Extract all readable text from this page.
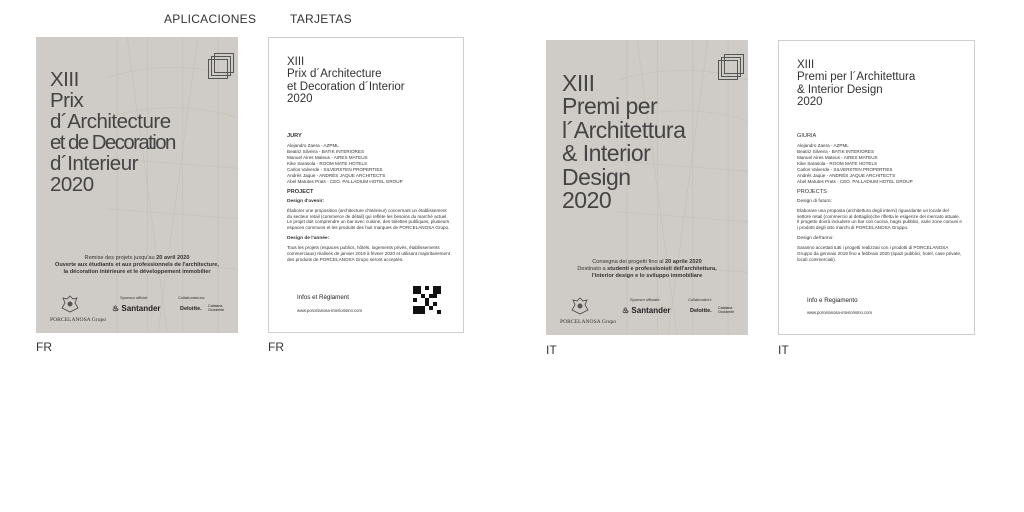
APLICACIONES	TARJETAS
XIII
Prix
d´Architecture
et de Decoration
d´Interieur
2020
Remise des projets jusqu'au 20 avril 2020
Ouverte aux étudiants et aux professionnels de l'architecture,
la décoration intérieure et le développement immobilier
PORCELANOSA Grupo
Sponsor officiel:
♨ Santander
Collaborateurs:
Deloitte. Catalana Occidente
FR
XIII
Prix d´Architecture
et Decoration d´Interior
2020
JURY
Alejandro Zaera - AZPML
Beatriz Silveira - BATIK INTERIORES
Manuel Aires Mateus - AIRES MATEUS
Kike Sarasola - ROOM MATE HOTELS
Carlos Valverde - SILVERSTEN PROPERTIES
Andrés Jaque - ANDRÉS JAQUE ARCHITECTS
Abel Matutes Prats - CEO. PALLADIUM HOTEL GROUP
PROJECT
Design d'avenir:
Élaborer une proposition (architecture d'intérieur) concernant un établissement du secteur retail (commerce de détail) qui reflète les besoins du marché actuel. Le projet doit comprendre un bar avec cuisine, des toilettes publiques, plusieurs espaces communs et les produits des huit marques de PORCELANOSA Grupo.
Design de l'année:
Tous les projets (espaces publics, hôtels, logements privés, établissements commerciaux) réalisés de janvier 2019 à février 2020 et utilisant majoritairement des produits de PORCELANOSA Grupo seront acceptés.
Infos et Règlament
www.porcelanosa-interiorismo.com
FR
XIII
Premi per
l´Architettura
& Interior
Design
2020
Consegna dei progetti fino al 20 aprile 2020
Destinato a studenti e professionisti dell'architettura,
l'interior design e lo sviluppo immobiliare
PORCELANOSA Grupo
Sponsor ufficiale:
♨ Santander
Collaboratori:
Deloitte. Catalana Occidente
IT
XIII
Premi per l´Architettura
& Interior Design
2020
GIURIA
Alejandro Zaera - AZPML
Beatriz Silveira - BATIK INTERIORES
Manuel Aires Mateus - AIRES MATEUS
Kike Sarasola - ROOM MATE HOTELS
Carlos Valverde - SILVERSTEN PROPERTIES
Andrés Jaque - ANDRÉS JAQUE ARCHITECTS
Abel Matutes Prats - CEO. PALLADIUM HOTEL GROUP
PROJECTS
Design di futuro:
Elaborare una proposta (architettura degli interni) riguardante un locale del settore retail (commercio al dettaglio)che rifletta le esigenze del mercato attuale. Il progetto dovrà includere un bar con cucina, bagni pubblici, varie zone comuni e i prodotti degli otto marchi di PORCELANOSA Gruppo.
Design dell'anno:
Saranno accettati tutti i progetti realizzati con i prodotti di PORCELANOSA Gruppo da gennaio 2019 fino a febbraio 2020 (spazi pubblici, hotel, case private, locali commerciali).
Info e Regiamento
www.porcelanosa-interiorismo.com
IT
